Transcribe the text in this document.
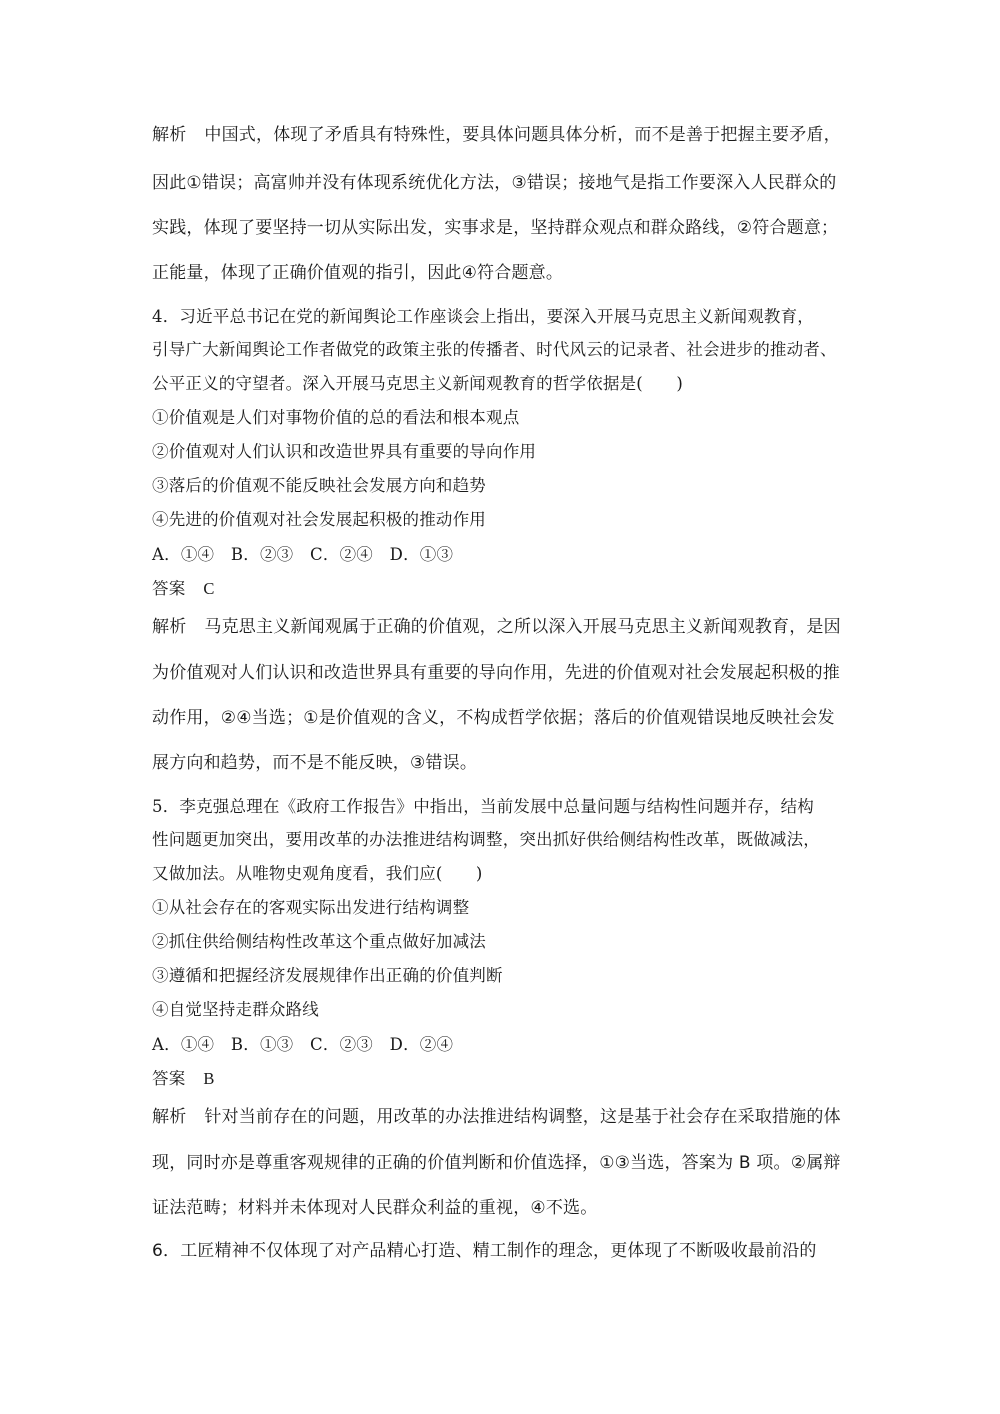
解析 中国式，体现了矛盾具有特殊性，要具体问题具体分析，而不是善于把握主要矛盾，
因此①错误；高富帅并没有体现系统优化方法，③错误；接地气是指工作要深入人民群众的
实践，体现了要坚持一切从实际出发，实事求是，坚持群众观点和群众路线，②符合题意；
正能量，体现了正确价值观的指引，因此④符合题意。
4．习近平总书记在党的新闻舆论工作座谈会上指出，要深入开展马克思主义新闻观教育，
引导广大新闻舆论工作者做党的政策主张的传播者、时代风云的记录者、社会进步的推动者、
公平正义的守望者。深入开展马克思主义新闻观教育的哲学依据是(　　)
①价值观是人们对事物价值的总的看法和根本观点
②价值观对人们认识和改造世界具有重要的导向作用
③落后的价值观不能反映社会发展方向和趋势
④先进的价值观对社会发展起积极的推动作用
A．①④　B．②③　C．②④　D．①③
答案 C
解析 马克思主义新闻观属于正确的价值观，之所以深入开展马克思主义新闻观教育，是因
为价值观对人们认识和改造世界具有重要的导向作用，先进的价值观对社会发展起积极的推
动作用，②④当选；①是价值观的含义，不构成哲学依据；落后的价值观错误地反映社会发
展方向和趋势，而不是不能反映，③错误。
5．李克强总理在《政府工作报告》中指出，当前发展中总量问题与结构性问题并存，结构
性问题更加突出，要用改革的办法推进结构调整，突出抓好供给侧结构性改革，既做减法，
又做加法。从唯物史观角度看，我们应(　　)
①从社会存在的客观实际出发进行结构调整
②抓住供给侧结构性改革这个重点做好加减法
③遵循和把握经济发展规律作出正确的价值判断
④自觉坚持走群众路线
A．①④　B．①③　C．②③　D．②④
答案 B
解析 针对当前存在的问题，用改革的办法推进结构调整，这是基于社会存在采取措施的体
现，同时亦是尊重客观规律的正确的价值判断和价值选择，①③当选，答案为 B 项。②属辩
证法范畴；材料并未体现对人民群众利益的重视，④不选。
6．工匠精神不仅体现了对产品精心打造、精工制作的理念，更体现了不断吸收最前沿的
